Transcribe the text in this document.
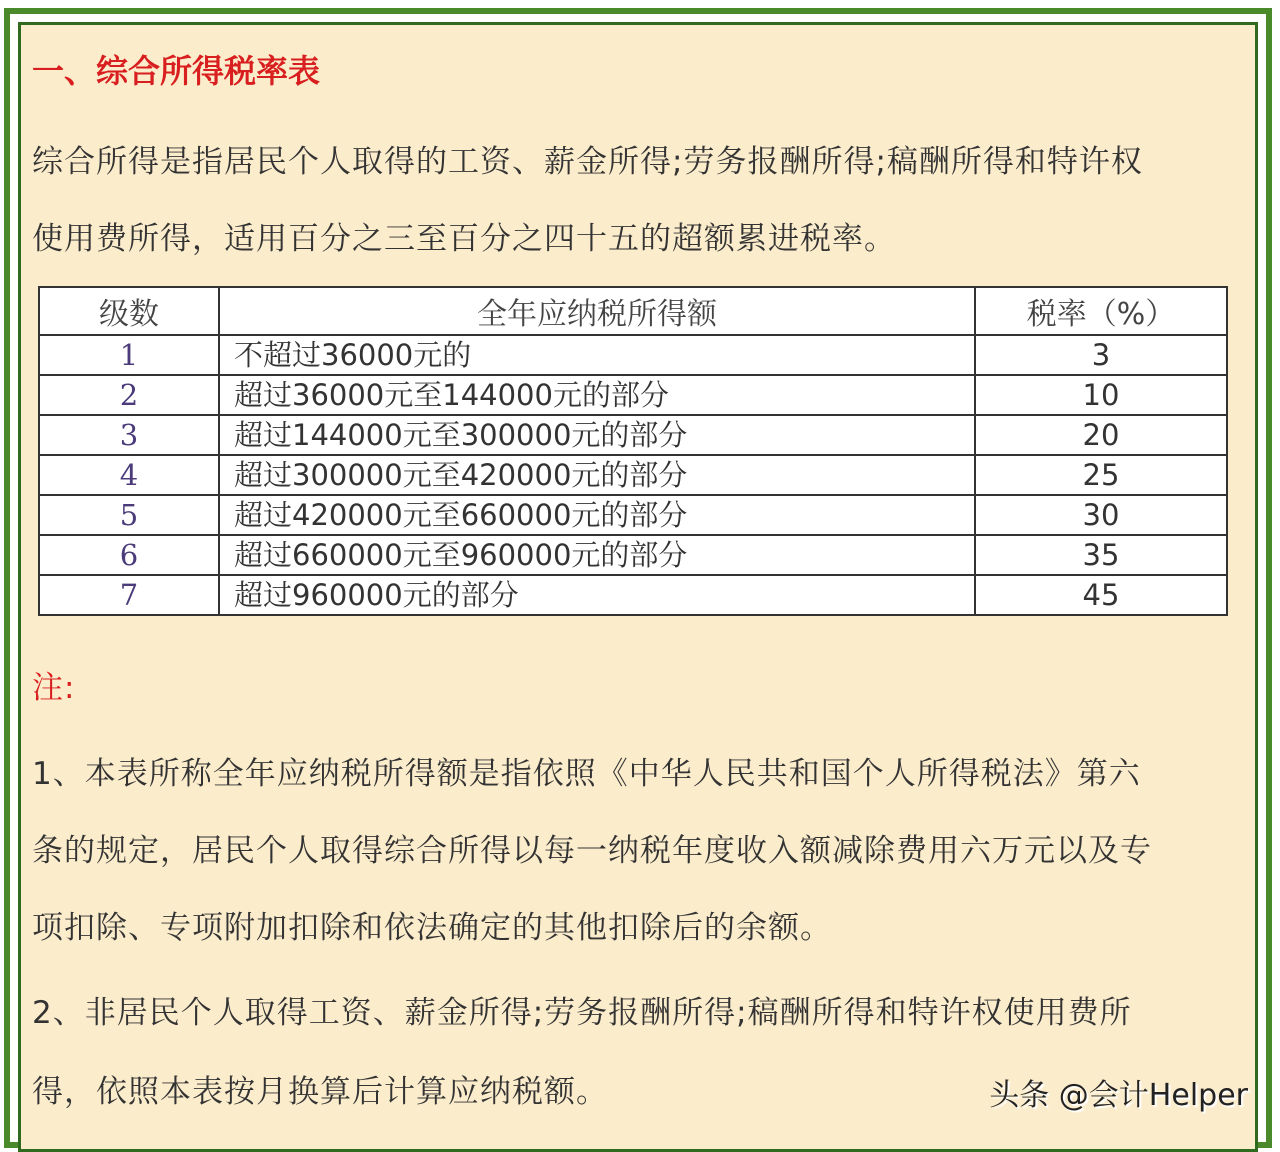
一、综合所得税率表
综合所得是指居民个人取得的工资、薪金所得;劳务报酬所得;稿酬所得和特许权
使用费所得，适用百分之三至百分之四十五的超额累进税率。
级数	全年应纳税所得额	税率（%）
1	不超过36000元的	3
2	超过36000元至144000元的部分	10
3	超过144000元至300000元的部分	20
4	超过300000元至420000元的部分	25
5	超过420000元至660000元的部分	30
6	超过660000元至960000元的部分	35
7	超过960000元的部分	45
注:
1、本表所称全年应纳税所得额是指依照《中华人民共和国个人所得税法》第六
条的规定，居民个人取得综合所得以每一纳税年度收入额减除费用六万元以及专
项扣除、专项附加扣除和依法确定的其他扣除后的余额。
2、非居民个人取得工资、薪金所得;劳务报酬所得;稿酬所得和特许权使用费所
得，依照本表按月换算后计算应纳税额。	头条 @会计Helper
